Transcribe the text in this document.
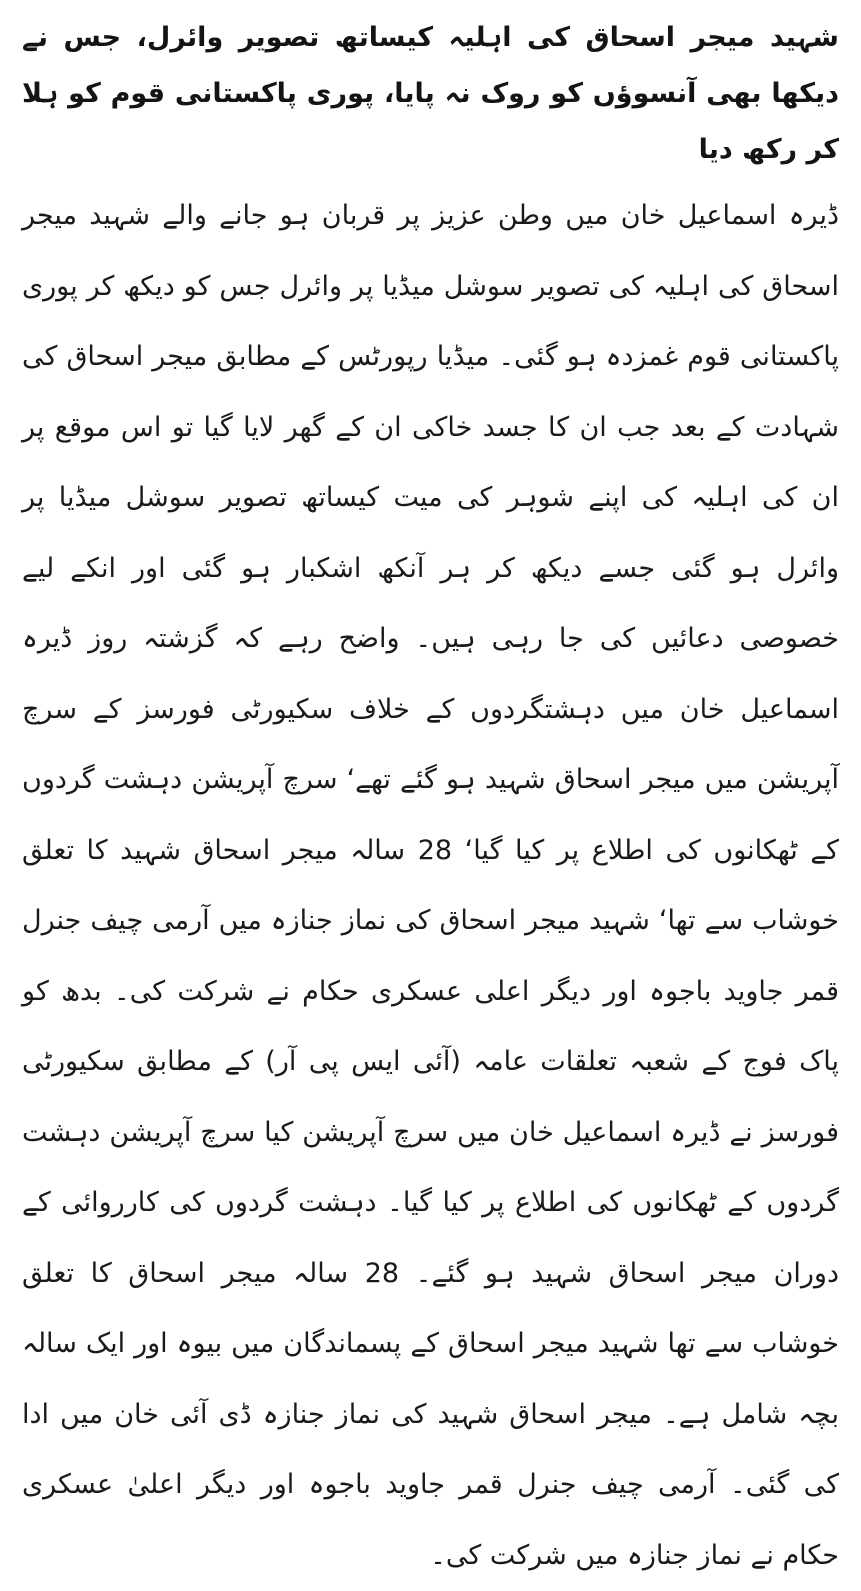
شہید میجر اسحاق کی اہلیہ کیساتھ تصویر وائرل، جس نے دیکھا بھی آنسوؤں کو روک نہ پایا، پوری پاکستانی قوم کو ہلا کر رکھ دیا

ڈیرہ اسماعیل خان میں وطن عزیز پر قربان ہو جانے والے شہید میجر اسحاق کی اہلیہ کی تصویر سوشل میڈیا پر وائرل جس کو دیکھ کر پوری پاکستانی قوم غمزدہ ہو گئی۔ میڈیا رپورٹس کے مطابق میجر اسحاق کی شہادت کے بعد جب ان کا جسد خاکی ان کے گھر لایا گیا تو اس موقع پر ان کی اہلیہ کی اپنے شوہر کی میت کیساتھ تصویر سوشل میڈیا پر وائرل ہو گئی جسے دیکھ کر ہر آنکھ اشکبار ہو گئی اور انکے لیے خصوصی دعائیں کی جا رہی ہیں۔ واضح رہے کہ گزشتہ روز ڈیرہ اسماعیل خان میں دہشتگردوں کے خلاف سکیورٹی فورسز کے سرچ آپریشن میں میجر اسحاق شہید ہو گئے تھے‘ سرچ آپریشن دہشت گردوں کے ٹھکانوں کی اطلاع پر کیا گیا‘ 28 سالہ میجر اسحاق شہید کا تعلق خوشاب سے تھا‘ شہید میجر اسحاق کی نماز جنازہ میں آرمی چیف جنرل قمر جاوید باجوہ اور دیگر اعلی عسکری حکام نے شرکت کی۔ بدھ کو پاک فوج کے شعبہ تعلقات عامہ (آئی ایس پی آر) کے مطابق سکیورٹی فورسز نے ڈیرہ اسماعیل خان میں سرچ آپریشن کیا سرچ آپریشن دہشت گردوں کے ٹھکانوں کی اطلاع پر کیا گیا۔ دہشت گردوں کی کارروائی کے دوران میجر اسحاق شہید ہو گئے۔ 28 سالہ میجر اسحاق کا تعلق خوشاب سے تھا شہید میجر اسحاق کے پسماندگان میں بیوہ اور ایک سالہ بچہ شامل ہے۔ میجر اسحاق شہید کی نماز جنازہ ڈی آئی خان میں ادا کی گئی۔ آرمی چیف جنرل قمر جاوید باجوہ اور دیگر اعلیٰ عسکری حکام نے نماز جنازہ میں شرکت کی۔
